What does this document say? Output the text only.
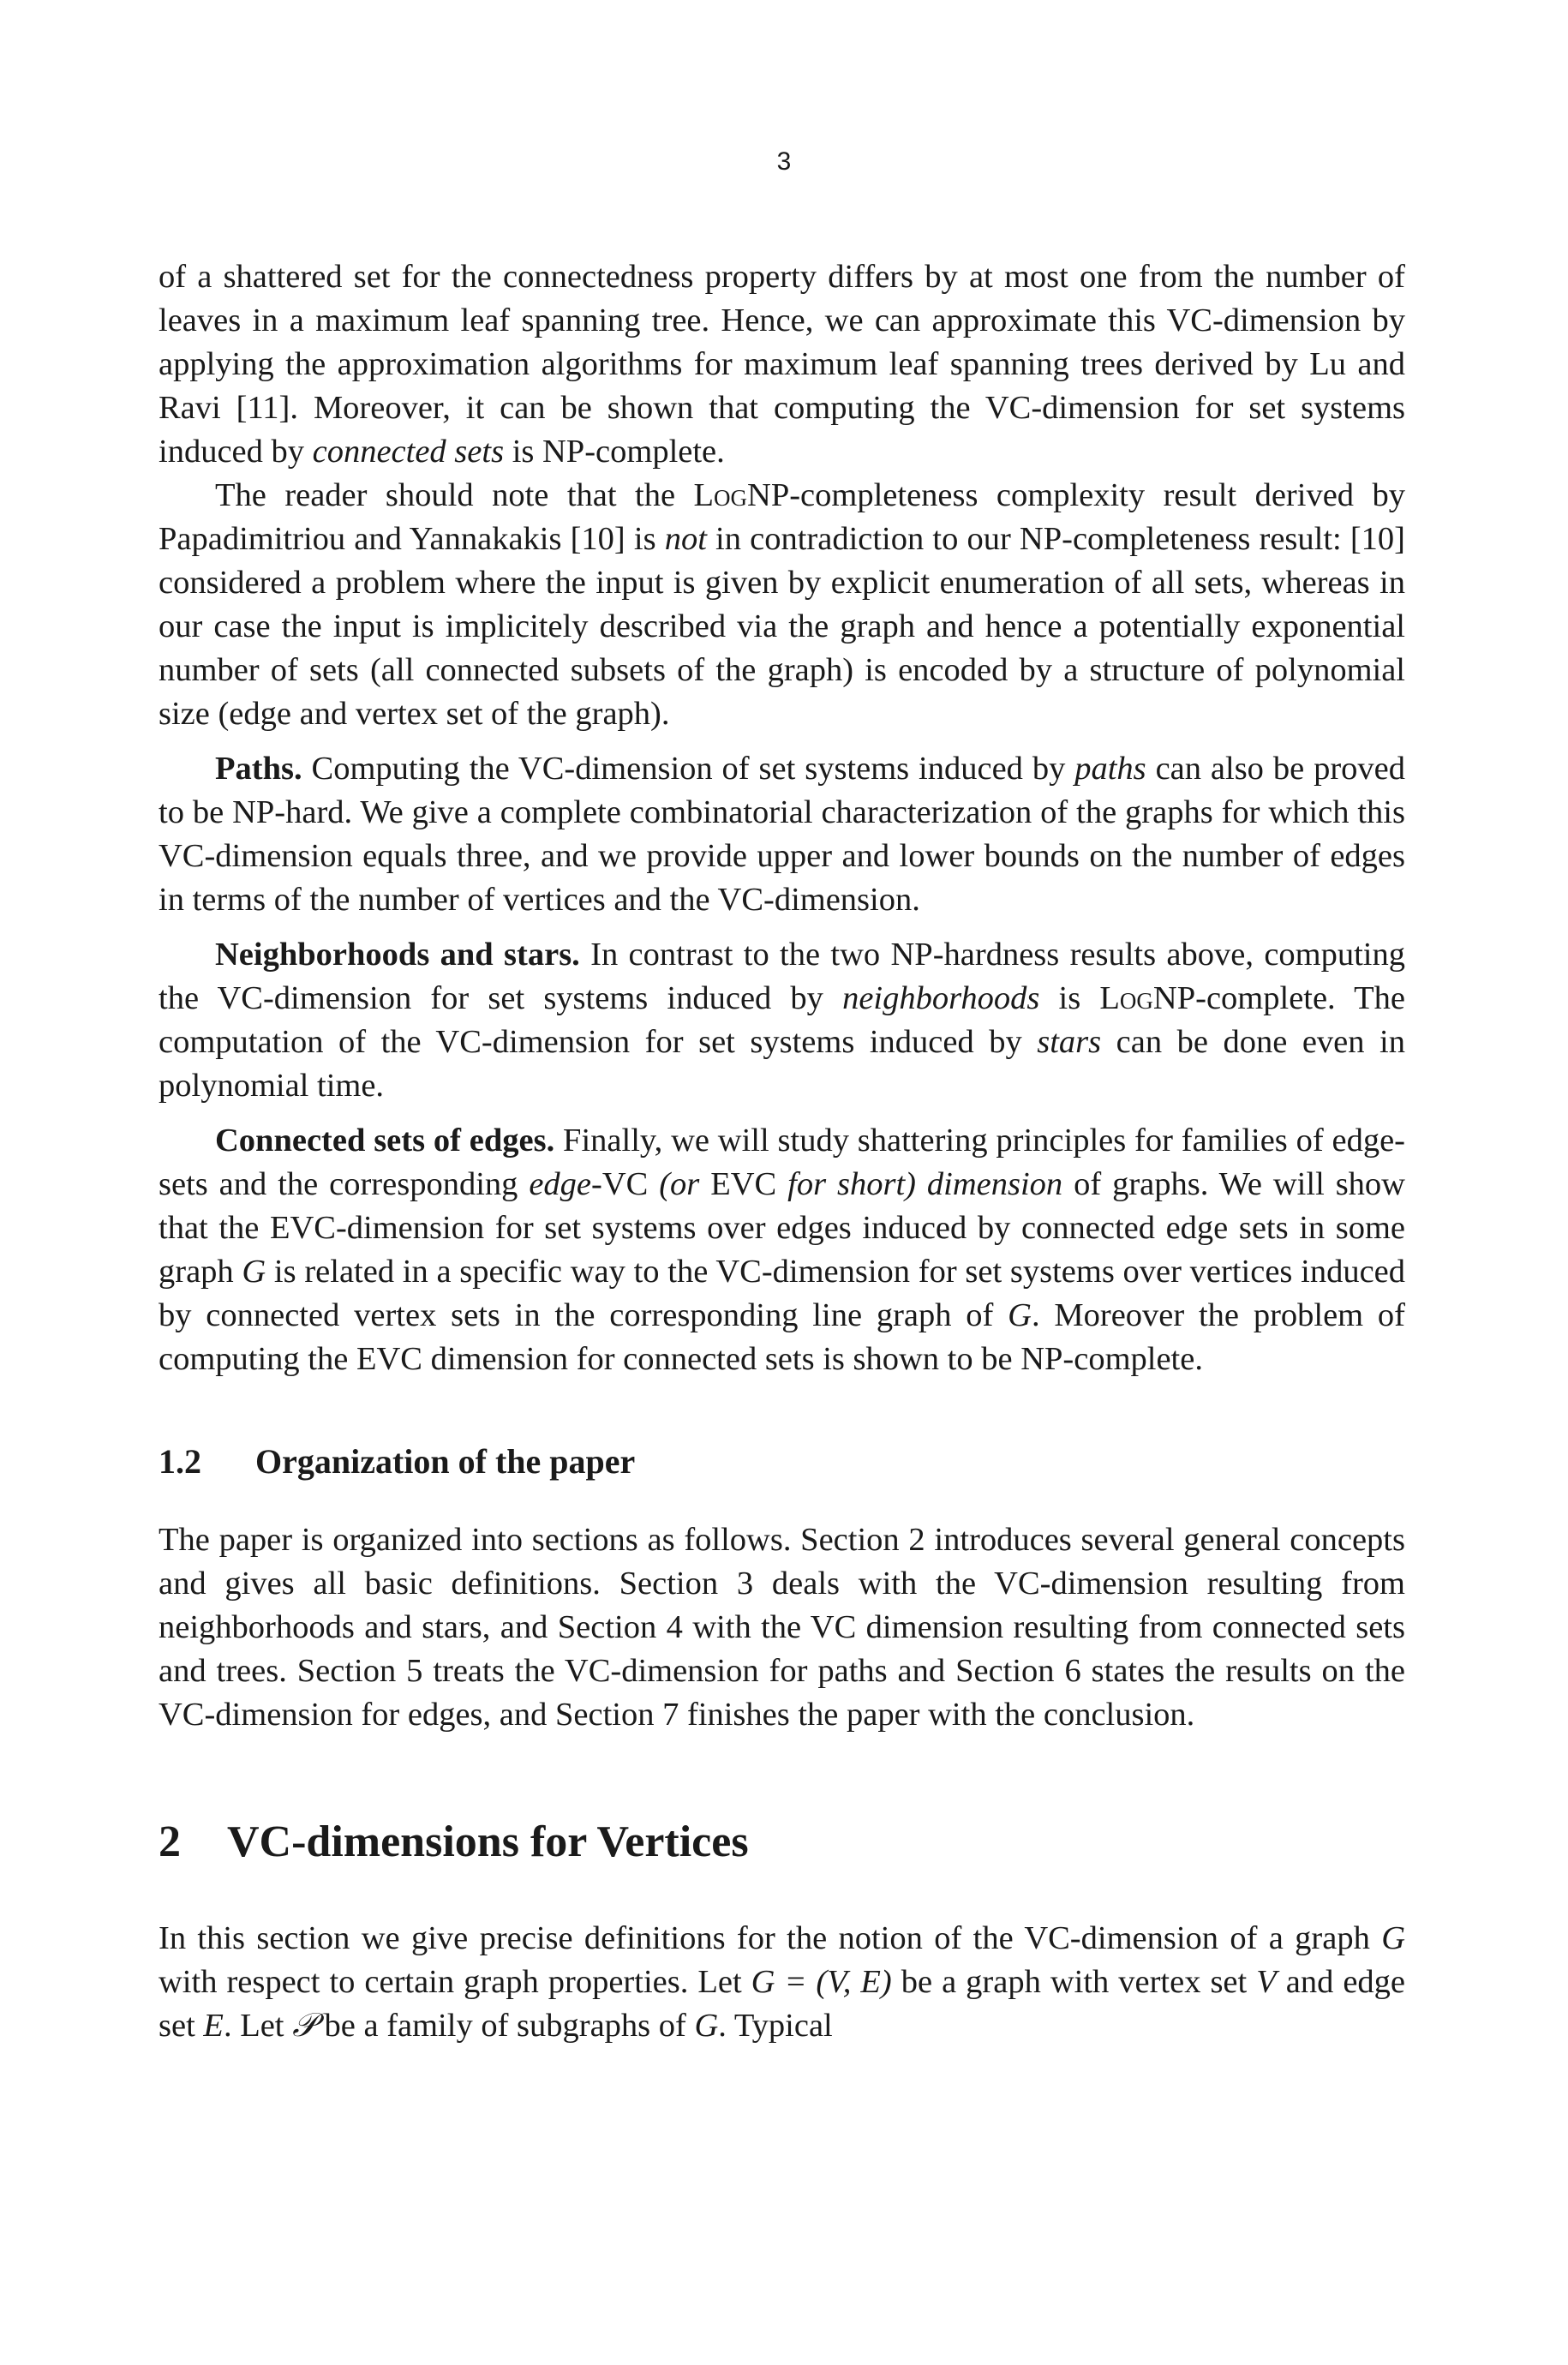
3

of a shattered set for the connectedness property differs by at most one from the number of leaves in a maximum leaf spanning tree. Hence, we can approximate this VC-dimension by applying the approximation algorithms for maximum leaf spanning trees derived by Lu and Ravi [11]. Moreover, it can be shown that computing the VC-dimension for set systems induced by connected sets is NP-complete.

The reader should note that the LogNP-completeness complexity result derived by Papadimitriou and Yannakakis [10] is not in contradiction to our NP-completeness result: [10] considered a problem where the input is given by explicit enumeration of all sets, whereas in our case the input is implicitely described via the graph and hence a potentially exponential number of sets (all connected subsets of the graph) is encoded by a structure of polynomial size (edge and vertex set of the graph).

Paths. Computing the VC-dimension of set systems induced by paths can also be proved to be NP-hard. We give a complete combinatorial characterization of the graphs for which this VC-dimension equals three, and we provide upper and lower bounds on the number of edges in terms of the number of vertices and the VC-dimension.

Neighborhoods and stars. In contrast to the two NP-hardness results above, computing the VC-dimension for set systems induced by neighborhoods is LogNP-complete. The computation of the VC-dimension for set systems induced by stars can be done even in polynomial time.

Connected sets of edges. Finally, we will study shattering principles for families of edge-sets and the corresponding edge-VC (or EVC for short) dimension of graphs. We will show that the EVC-dimension for set systems over edges induced by connected edge sets in some graph G is related in a specific way to the VC-dimension for set systems over vertices induced by connected vertex sets in the corresponding line graph of G. Moreover the problem of computing the EVC dimension for connected sets is shown to be NP-complete.

1.2 Organization of the paper

The paper is organized into sections as follows. Section 2 introduces several general concepts and gives all basic definitions. Section 3 deals with the VC-dimension resulting from neighborhoods and stars, and Section 4 with the VC dimension resulting from connected sets and trees. Section 5 treats the VC-dimension for paths and Section 6 states the results on the VC-dimension for edges, and Section 7 finishes the paper with the conclusion.

2 VC-dimensions for Vertices

In this section we give precise definitions for the notion of the VC-dimension of a graph G with respect to certain graph properties. Let G = (V, E) be a graph with vertex set V and edge set E. Let 𝒫 be a family of subgraphs of G. Typical
